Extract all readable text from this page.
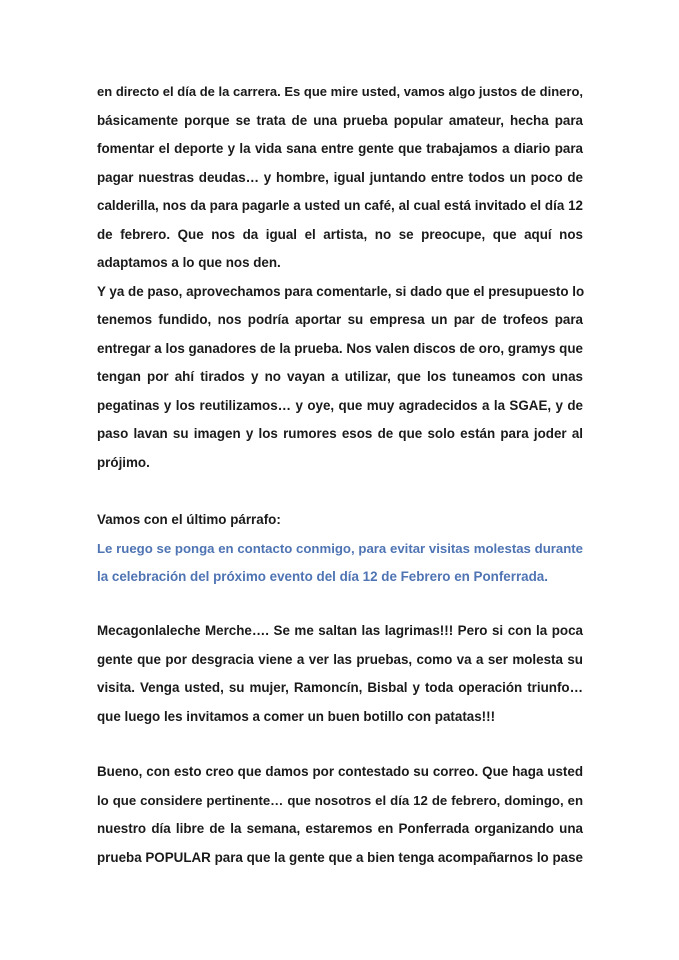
en directo el día de la carrera. Es que mire usted, vamos algo justos de dinero,
básicamente porque se trata de una prueba popular amateur, hecha para
fomentar el deporte y la vida sana entre gente que trabajamos a diario para
pagar nuestras deudas… y hombre, igual juntando entre todos un poco de
calderilla, nos da para pagarle a usted un café, al cual está invitado el día 12
de febrero. Que nos da igual el artista, no se preocupe, que aquí nos
adaptamos a lo que nos den.
Y ya de paso, aprovechamos para comentarle, si dado que el presupuesto lo
tenemos fundido, nos podría aportar su empresa un par de trofeos para
entregar a los ganadores de la prueba. Nos valen discos de oro, gramys que
tengan por ahí tirados y no vayan a utilizar, que los tuneamos con unas
pegatinas y los reutilizamos… y oye, que muy agradecidos a la SGAE, y de
paso lavan su imagen y los rumores esos de que solo están para joder al
prójimo.
Vamos con el último párrafo:
Le ruego se ponga en contacto conmigo, para evitar visitas molestas durante
la celebración del próximo evento del día 12 de Febrero en Ponferrada.
Mecagonlaleche Merche…. Se me saltan las lagrimas!!! Pero si con la poca
gente que por desgracia viene a ver las pruebas, como va a ser molesta su
visita. Venga usted, su mujer, Ramoncín, Bisbal y toda operación triunfo…
que luego les invitamos a comer un buen botillo con patatas!!!
Bueno, con esto creo que damos por contestado su correo. Que haga usted
lo que considere pertinente… que nosotros el día 12 de febrero, domingo, en
nuestro día libre de la semana, estaremos en Ponferrada organizando una
prueba POPULAR para que la gente que a bien tenga acompañarnos lo pase
